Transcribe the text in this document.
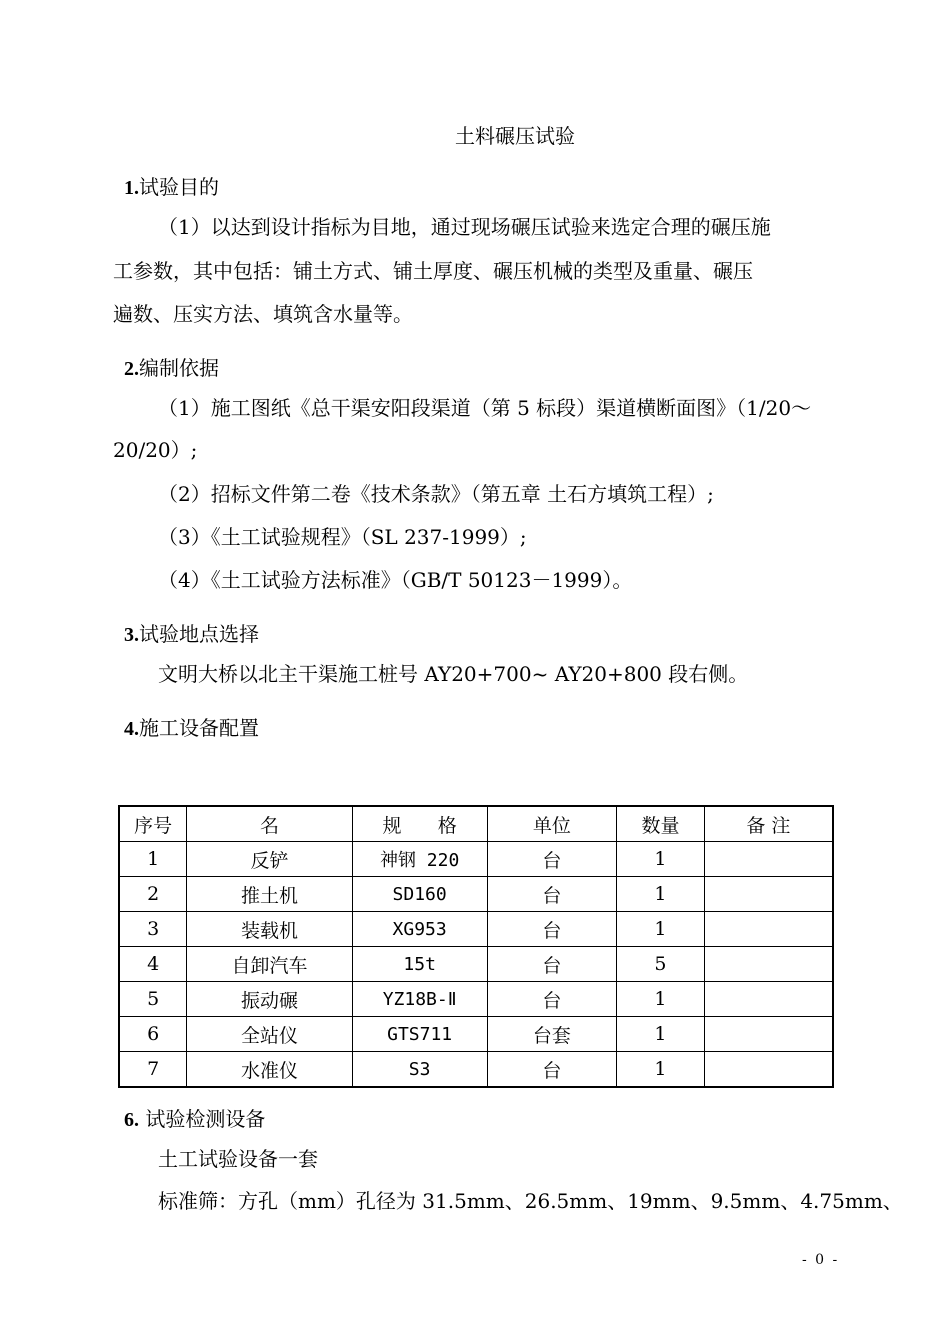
土料碾压试验
1.试验目的
（1）以达到设计指标为目地，通过现场碾压试验来选定合理的碾压施
工参数，其中包括：铺土方式、铺土厚度、碾压机械的类型及重量、碾压
遍数、压实方法、填筑含水量等。
2.编制依据
（1）施工图纸《总干渠安阳段渠道（第 5 标段）渠道横断面图》（1/20～
20/20）;
（2）招标文件第二卷《技术条款》（第五章 土石方填筑工程）;
（3）《土工试验规程》（SL 237-1999）;
（4）《土工试验方法标准》（GB/T 50123－1999）。
3.试验地点选择
文明大桥以北主干渠施工桩号 AY20+700~ AY20+800 段右侧。
4.施工设备配置
序号	名	规      格	单位	数量	备 注
1	反铲	神钢 220	台	1	
2	推土机	SD160	台	1	
3	装载机	XG953	台	1	
4	自卸汽车	15t	台	5	
5	振动碾	YZ18B-Ⅱ	台	1	
6	全站仪	GTS711	台套	1	
7	水准仪	S3	台	1	
6. 试验检测设备
土工试验设备一套
标准筛：方孔（mm）孔径为 31.5mm、26.5mm、19mm、9.5mm、4.75mm、
- 0 -
